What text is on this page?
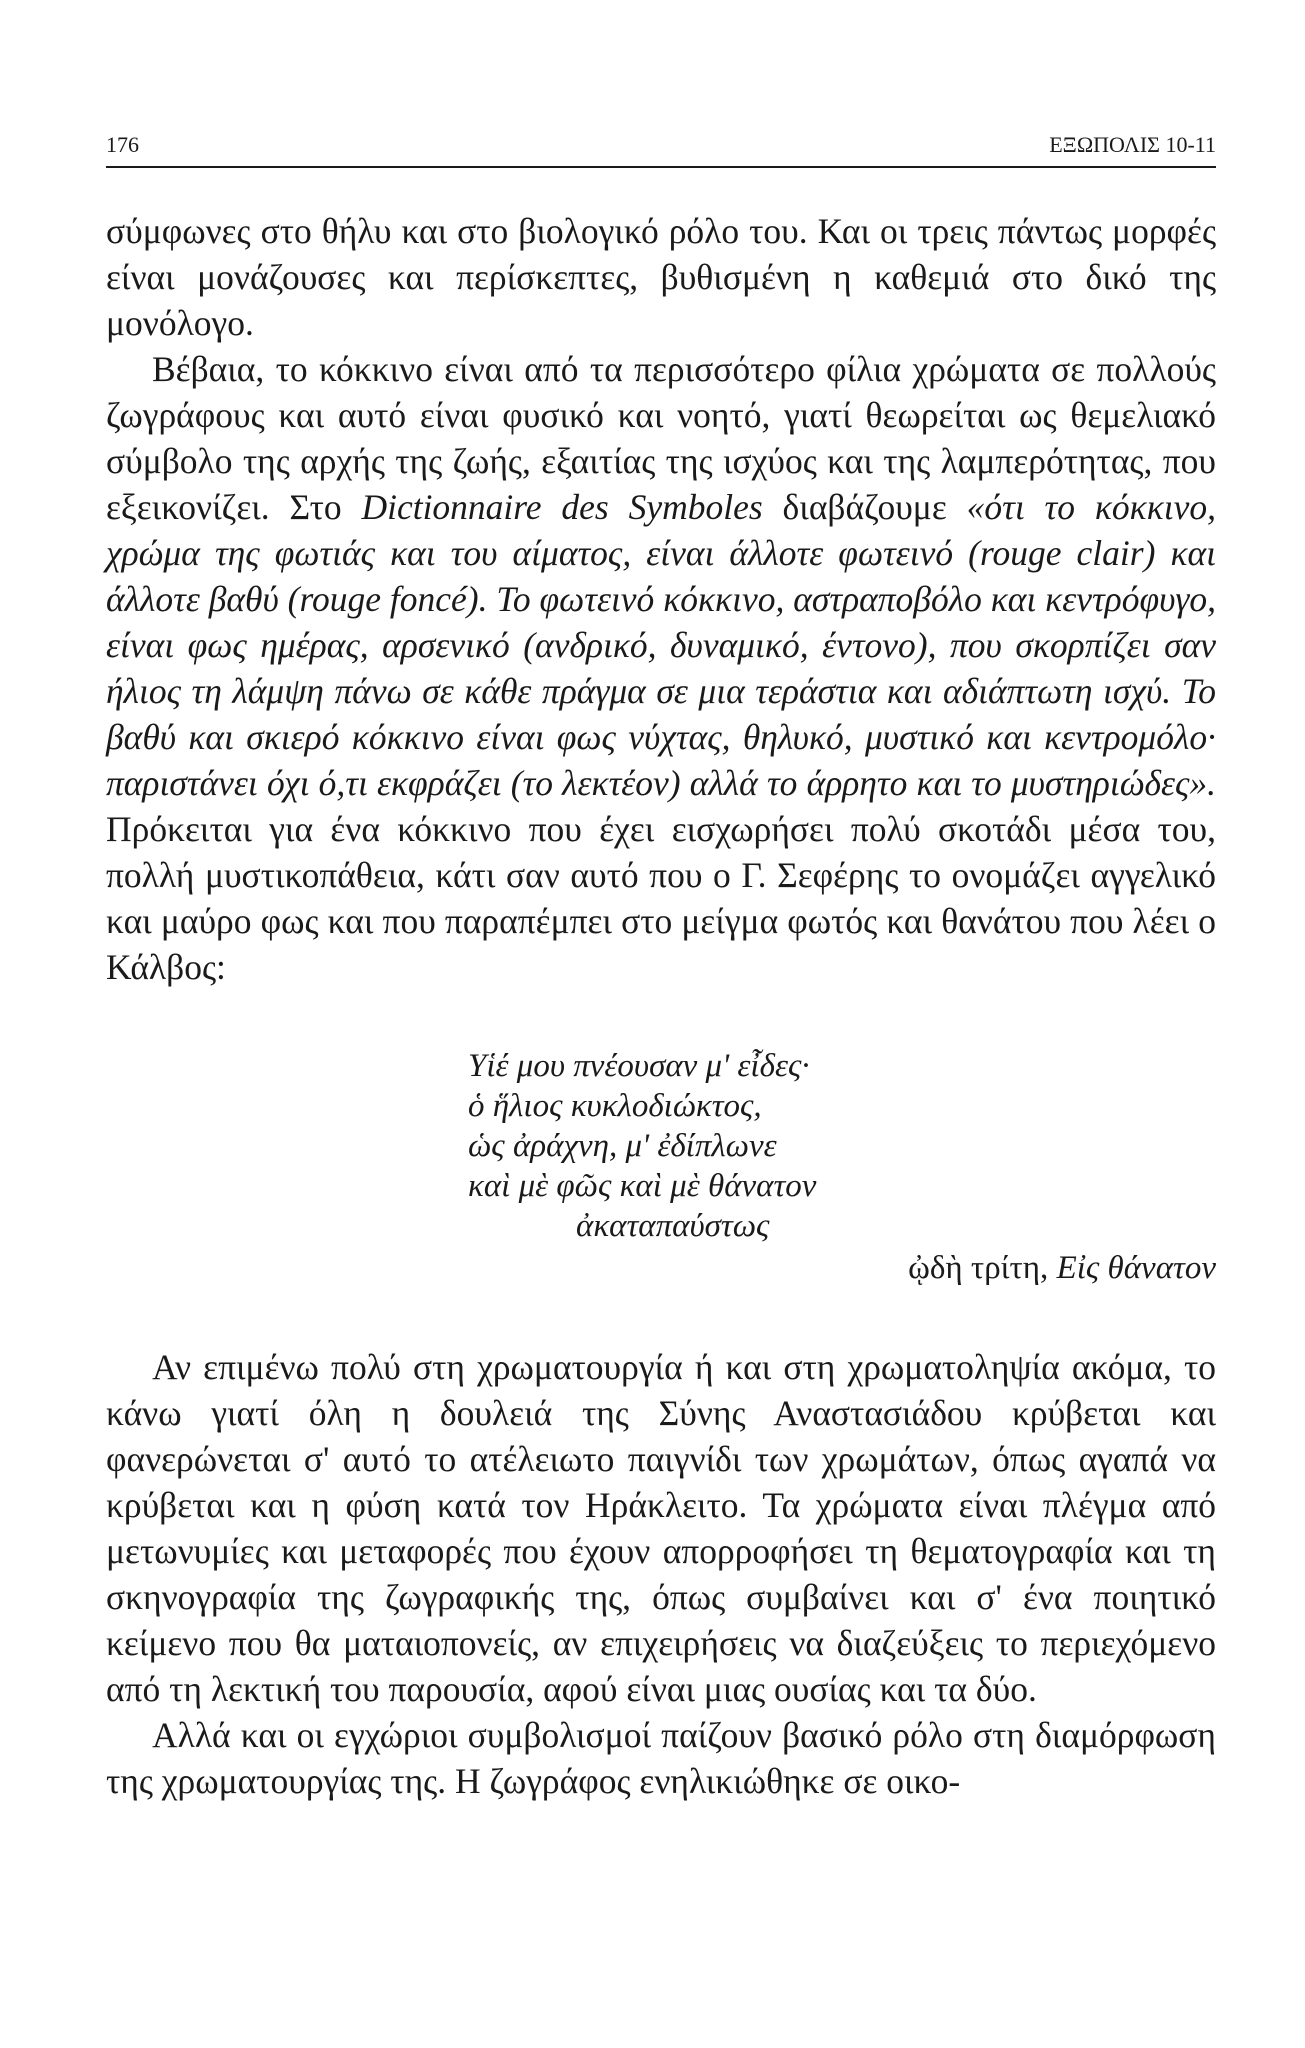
176	ΕΞΩΠΟΛΙΣ 10-11

σύμφωνες στο θήλυ και στο βιολογικό ρόλο του. Και οι τρεις πάντως μορφές είναι μονάζουσες και περίσκεπτες, βυθισμένη η καθεμιά στο δικό της μονόλογο.

Βέβαια, το κόκκινο είναι από τα περισσότερο φίλια χρώματα σε πολλούς ζωγράφους και αυτό είναι φυσικό και νοητό, γιατί θεωρείται ως θεμελιακό σύμβολο της αρχής της ζωής, εξαιτίας της ισχύος και της λαμπερότητας, που εξεικονίζει. Στο Dictionnaire des Symboles διαβάζουμε «ότι το κόκκινο, χρώμα της φωτιάς και του αίματος, είναι άλλοτε φωτεινό (rouge clair) και άλλοτε βαθύ (rouge foncé). Το φωτεινό κόκκινο, αστραποβόλο και κεντρόφυγο, είναι φως ημέρας, αρσενικό (ανδρικό, δυναμικό, έντονο), που σκορπίζει σαν ήλιος τη λάμψη πάνω σε κάθε πράγμα σε μια τεράστια και αδιάπτωτη ισχύ. Το βαθύ και σκιερό κόκκινο είναι φως νύχτας, θηλυκό, μυστικό και κεντρομόλο· παριστάνει όχι ό,τι εκφράζει (το λεκτέον) αλλά το άρρητο και το μυστηριώδες». Πρόκειται για ένα κόκκινο που έχει εισχωρήσει πολύ σκοτάδι μέσα του, πολλή μυστικοπάθεια, κάτι σαν αυτό που ο Γ. Σεφέρης το ονομάζει αγγελικό και μαύρο φως και που παραπέμπει στο μείγμα φωτός και θανάτου που λέει ο Κάλβος:

Υἱέ μου πνέουσαν μ' εἶδες·
ὁ ἥλιος κυκλοδιώκτος,
ὡς ἀράχνη, μ' ἐδίπλωνε
καὶ μὲ φῶς καὶ μὲ θάνατον
ἀκαταπαύστως
ᾠδὴ τρίτη, Εἰς θάνατον

Αν επιμένω πολύ στη χρωματουργία ή και στη χρωματοληψία ακόμα, το κάνω γιατί όλη η δουλειά της Σύνης Αναστασιάδου κρύβεται και φανερώνεται σ' αυτό το ατέλειωτο παιγνίδι των χρωμάτων, όπως αγαπά να κρύβεται και η φύση κατά τον Ηράκλειτο. Τα χρώματα είναι πλέγμα από μετωνυμίες και μεταφορές που έχουν απορροφήσει τη θεματογραφία και τη σκηνογραφία της ζωγραφικής της, όπως συμβαίνει και σ' ένα ποιητικό κείμενο που θα ματαιοπονείς, αν επιχειρήσεις να διαζεύξεις το περιεχόμενο από τη λεκτική του παρουσία, αφού είναι μιας ουσίας και τα δύο.

Αλλά και οι εγχώριοι συμβολισμοί παίζουν βασικό ρόλο στη διαμόρφωση της χρωματουργίας της. Η ζωγράφος ενηλικιώθηκε σε οικο-
